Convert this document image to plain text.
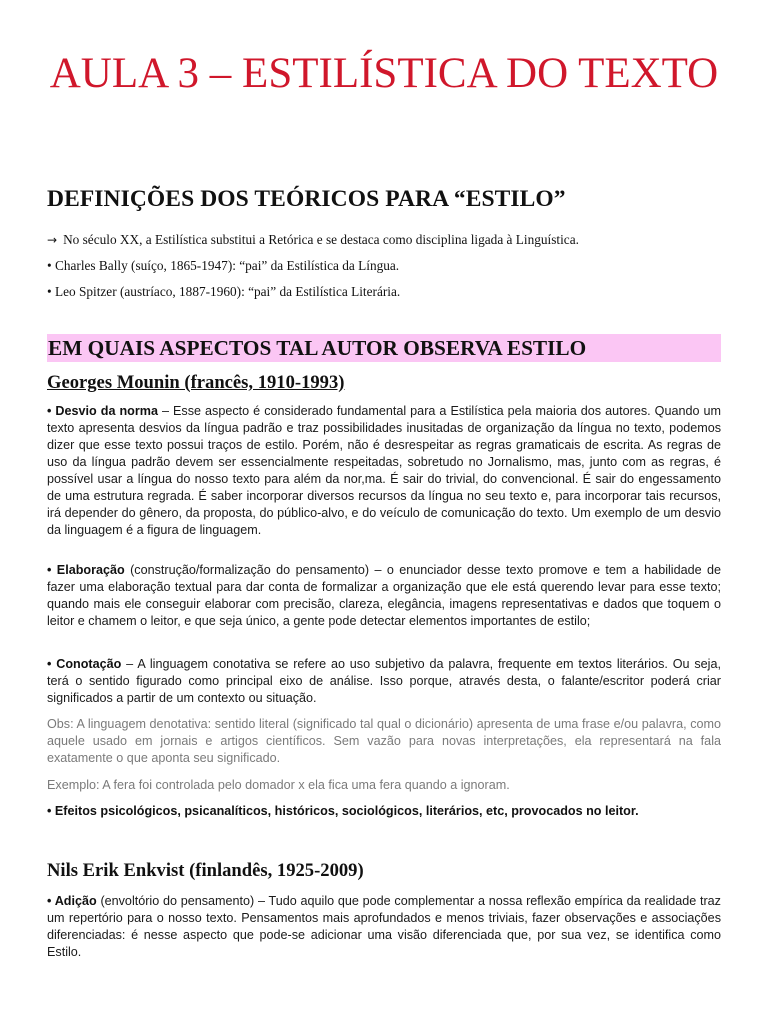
AULA 3 – ESTILÍSTICA DO TEXTO
DEFINIÇÕES DOS TEÓRICOS PARA “ESTILO”

→ No século XX, a Estilística substitui a Retórica e se destaca como disciplina ligada à Linguística.

• Charles Bally (suíço, 1865-1947): “pai” da Estilística da Língua.

• Leo Spitzer (austríaco, 1887-1960): “pai” da Estilística Literária.

EM QUAIS ASPECTOS TAL AUTOR OBSERVA ESTILO

Georges Mounin (francês, 1910-1993)

• Desvio da norma – Esse aspecto é considerado fundamental para a Estilística pela maioria dos autores. Quando um texto apresenta desvios da língua padrão e traz possibilidades inusitadas de organização da língua no texto, podemos dizer que esse texto possui traços de estilo. Porém, não é desrespeitar as regras gramaticais de escrita. As regras de uso da língua padrão devem ser essencialmente respeitadas, sobretudo no Jornalismo, mas, junto com as regras, é possível usar a língua do nosso texto para além da nor,ma. É sair do trivial, do convencional. É sair do engessamento de uma estrutura regrada. É saber incorporar diversos recursos da língua no seu texto e, para incorporar tais recursos, irá depender do gênero, da proposta, do público-alvo, e do veículo de comunicação do texto. Um exemplo de um desvio da linguagem é a figura de linguagem.

• Elaboração (construção/formalização do pensamento) – o enunciador desse texto promove e tem a habilidade de fazer uma elaboração textual para dar conta de formalizar a organização que ele está querendo levar para esse texto; quando mais ele conseguir elaborar com precisão, clareza, elegância, imagens representativas e dados que toquem o leitor e chamem o leitor, e que seja único, a gente pode detectar elementos importantes de estilo;

• Conotação – A linguagem conotativa se refere ao uso subjetivo da palavra, frequente em textos literários. Ou seja, terá o sentido figurado como principal eixo de análise. Isso porque, através desta, o falante/escritor poderá criar significados a partir de um contexto ou situação.

Obs: A linguagem denotativa: sentido literal (significado tal qual o dicionário) apresenta de uma frase e/ou palavra, como aquele usado em jornais e artigos científicos. Sem vazão para novas interpretações, ela representará na fala exatamente o que aponta seu significado.

Exemplo: A fera foi controlada pelo domador x ela fica uma fera quando a ignoram.

• Efeitos psicológicos, psicanalíticos, históricos, sociológicos, literários, etc, provocados no leitor.

Nils Erik Enkvist (finlandês, 1925-2009)

• Adição (envoltório do pensamento) – Tudo aquilo que pode complementar a nossa reflexão empírica da realidade traz um repertório para o nosso texto. Pensamentos mais aprofundados e menos triviais, fazer observações e associações diferenciadas: é nesse aspecto que pode-se adicionar uma visão diferenciada que, por sua vez, se identifica como Estilo.
